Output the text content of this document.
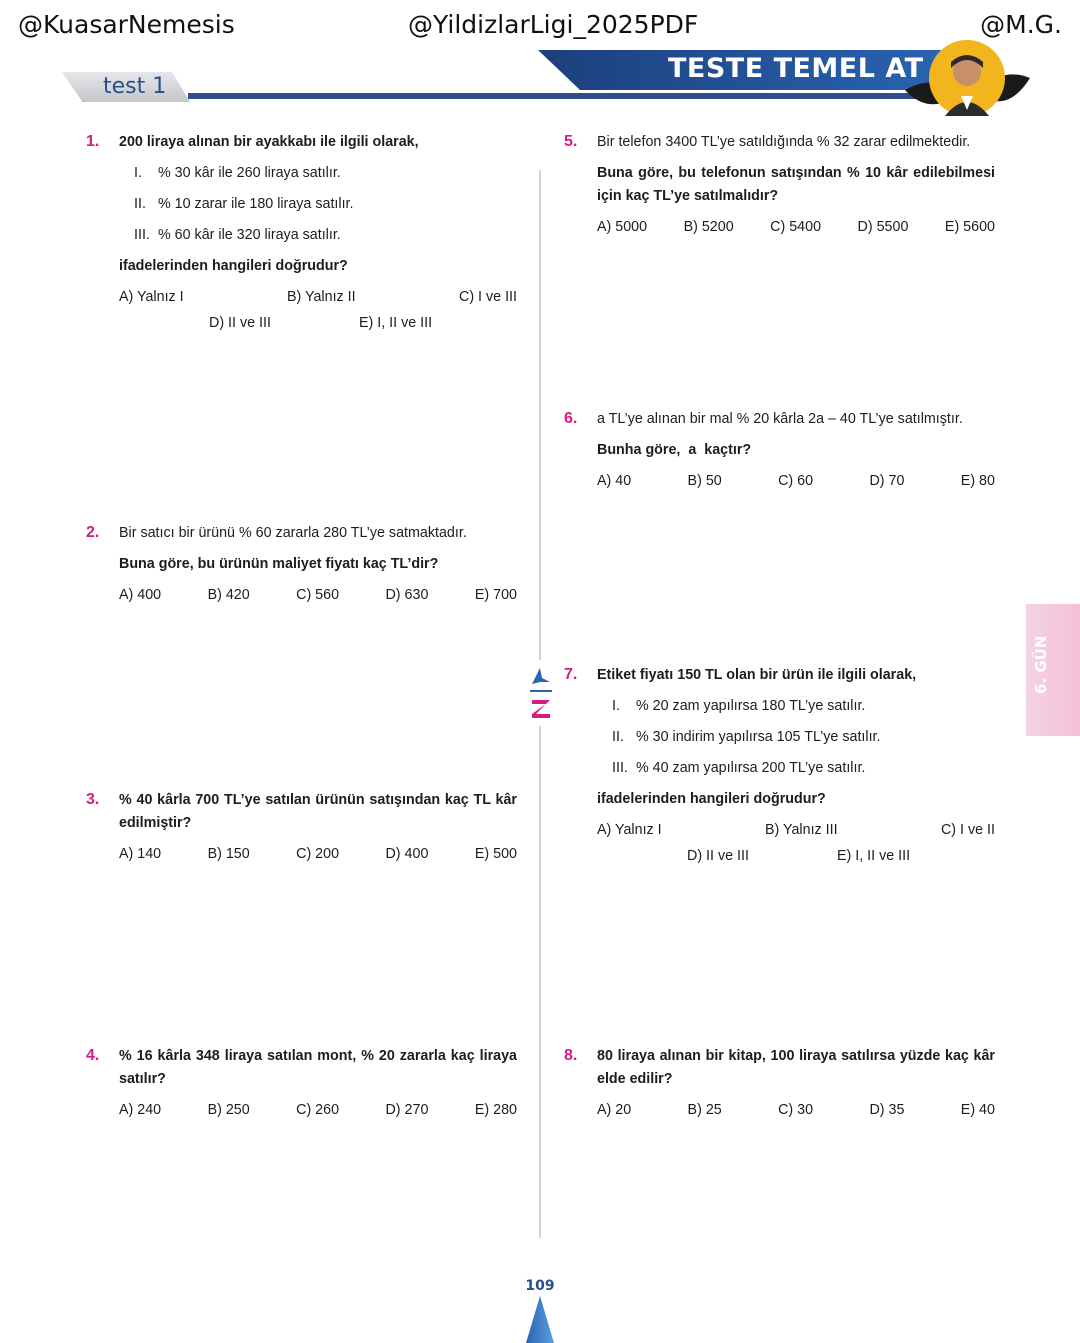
@KuasarNemesis	@YildizlarLigi_2025PDF	@M.G.
test 1
TESTE TEMEL AT
1. 200 liraya alınan bir ayakkabı ile ilgili olarak,

I.	% 30 kâr ile 260 liraya satılır.
II. % 10 zarar ile 180 liraya satılır.
III. % 60 kâr ile 320 liraya satılır.

ifadelerinden hangileri doğrudur?

A) Yalnız I	B) Yalnız II	C) I ve III
D) II ve III	E) I, II ve III
2. Bir satıcı bir ürünü % 60 zararla 280 TL’ye satmaktadır.

Buna göre, bu ürünün maliyet fiyatı kaç TL’dir?

A) 400	B) 420	C) 560	D) 630	E) 700
3. % 40 kârla 700 TL’ye satılan ürünün satışından kaç TL kâr edilmiştir?

A) 140	B) 150	C) 200	D) 400	E) 500
4. % 16 kârla 348 liraya satılan mont, % 20 zararla kaç liraya satılır?

A) 240	B) 250	C) 260	D) 270	E) 280
5. Bir telefon 3400 TL’ye satıldığında % 32 zarar edilmektedir.

Buna göre, bu telefonun satışından % 10 kâr edilebilmesi için kaç TL’ye satılmalıdır?

A) 5000	B) 5200	C) 5400	D) 5500	E) 5600
6. a TL’ye alınan bir mal % 20 kârla 2a – 40 TL’ye satılmıştır.

Bunha göre,  a  kaçtır?

A) 40	B) 50	C) 60	D) 70	E) 80
7. Etiket fiyatı 150 TL olan bir ürün ile ilgili olarak,

I.	% 20 zam yapılırsa 180 TL’ye satılır.
II. % 30 indirim yapılırsa 105 TL’ye satılır.
III. % 40 zam yapılırsa 200 TL’ye satılır.

ifadelerinden hangileri doğrudur?

A) Yalnız I	B) Yalnız III	C) I ve II
D) II ve III	E) I, II ve III
8. 80 liraya alınan bir kitap, 100 liraya satılırsa yüzde kaç kâr elde edilir?

A) 20	B) 25	C) 30	D) 35	E) 40
6. GÜN
109
